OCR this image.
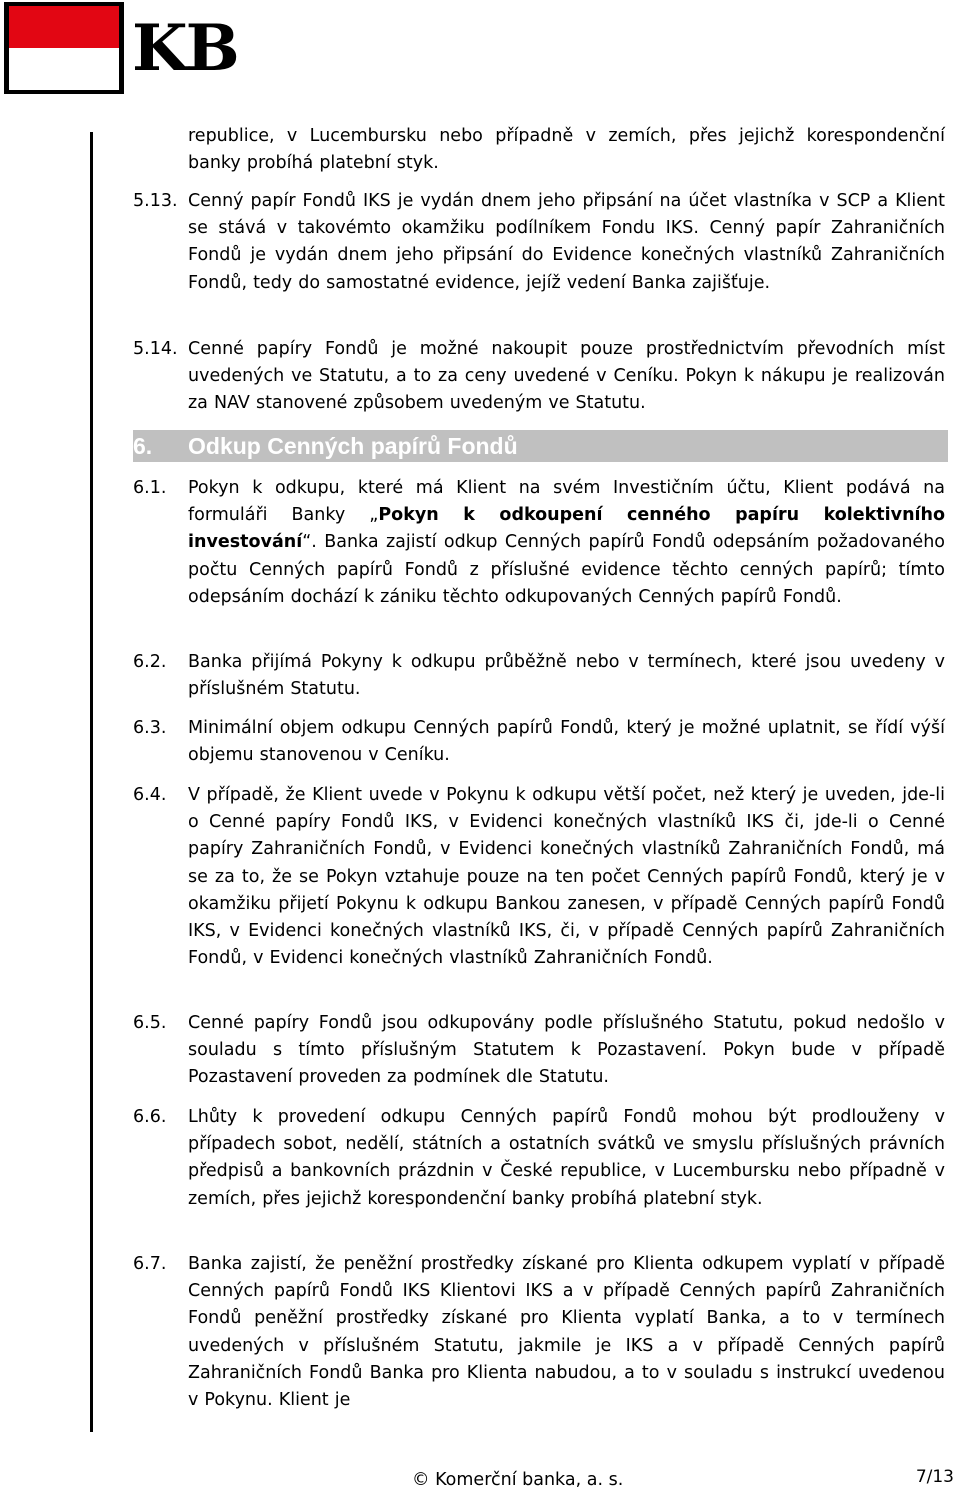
KB
republice, v Lucembursku nebo případně v zemích, přes jejichž korespondenční banky probíhá platební styk.
5.13. Cenný papír Fondů IKS je vydán dnem jeho připsání na účet vlastníka v SCP a Klient se stává v takovémto okamžiku podílníkem Fondu IKS. Cenný papír Zahraničních Fondů je vydán dnem jeho připsání do Evidence konečných vlastníků Zahraničních Fondů, tedy do samostatné evidence, jejíž vedení Banka zajišťuje.
5.14. Cenné papíry Fondů je možné nakoupit pouze prostřednictvím převodních míst uvedených ve Statutu, a to za ceny uvedené v Ceníku. Pokyn k nákupu je realizován za NAV stanovené způsobem uvedeným ve Statutu.
6. Odkup Cenných papírů Fondů
6.1.	Pokyn k odkupu, které má Klient na svém Investičním účtu, Klient podává na formuláři Banky „Pokyn k odkoupení cenného papíru kolektivního investování“. Banka zajistí odkup Cenných papírů Fondů odepsáním požadovaného počtu Cenných papírů Fondů z příslušné evidence těchto cenných papírů; tímto odepsáním dochází k zániku těchto odkupovaných Cenných papírů Fondů.
6.2.	Banka přijímá Pokyny k odkupu průběžně nebo v termínech, které jsou uvedeny v příslušném Statutu.
6.3.	Minimální objem odkupu Cenných papírů Fondů, který je možné uplatnit, se řídí výší objemu stanovenou v Ceníku.
6.4.	V případě, že Klient uvede v Pokynu k odkupu větší počet, než který je uveden, jde-li o Cenné papíry Fondů IKS, v Evidenci konečných vlastníků IKS či, jde-li o Cenné papíry Zahraničních Fondů, v Evidenci konečných vlastníků Zahraničních Fondů, má se za to, že se Pokyn vztahuje pouze na ten počet Cenných papírů Fondů, který je v okamžiku přijetí Pokynu k odkupu Bankou zanesen, v případě Cenných papírů Fondů IKS, v Evidenci konečných vlastníků IKS, či, v případě Cenných papírů Zahraničních Fondů, v Evidenci konečných vlastníků Zahraničních Fondů.
6.5.	Cenné papíry Fondů jsou odkupovány podle příslušného Statutu, pokud nedošlo v souladu s tímto příslušným Statutem k Pozastavení. Pokyn bude v případě Pozastavení proveden za podmínek dle Statutu.
6.6.	Lhůty k provedení odkupu Cenných papírů Fondů mohou být prodlouženy v případech sobot, nedělí, státních a ostatních svátků ve smyslu příslušných právních předpisů a bankovních prázdnin v České republice, v Lucembursku nebo případně v zemích, přes jejichž korespondenční banky probíhá platební styk.
6.7.	Banka zajistí, že peněžní prostředky získané pro Klienta odkupem vyplatí v případě Cenných papírů Fondů IKS Klientovi IKS a v případě Cenných papírů Zahraničních Fondů peněžní prostředky získané pro Klienta vyplatí Banka, a to v termínech uvedených v příslušném Statutu, jakmile je IKS a v případě Cenných papírů Zahraničních Fondů Banka pro Klienta nabudou, a to v souladu s instrukcí uvedenou v Pokynu. Klient je
© Komerční banka, a. s.	7/13
